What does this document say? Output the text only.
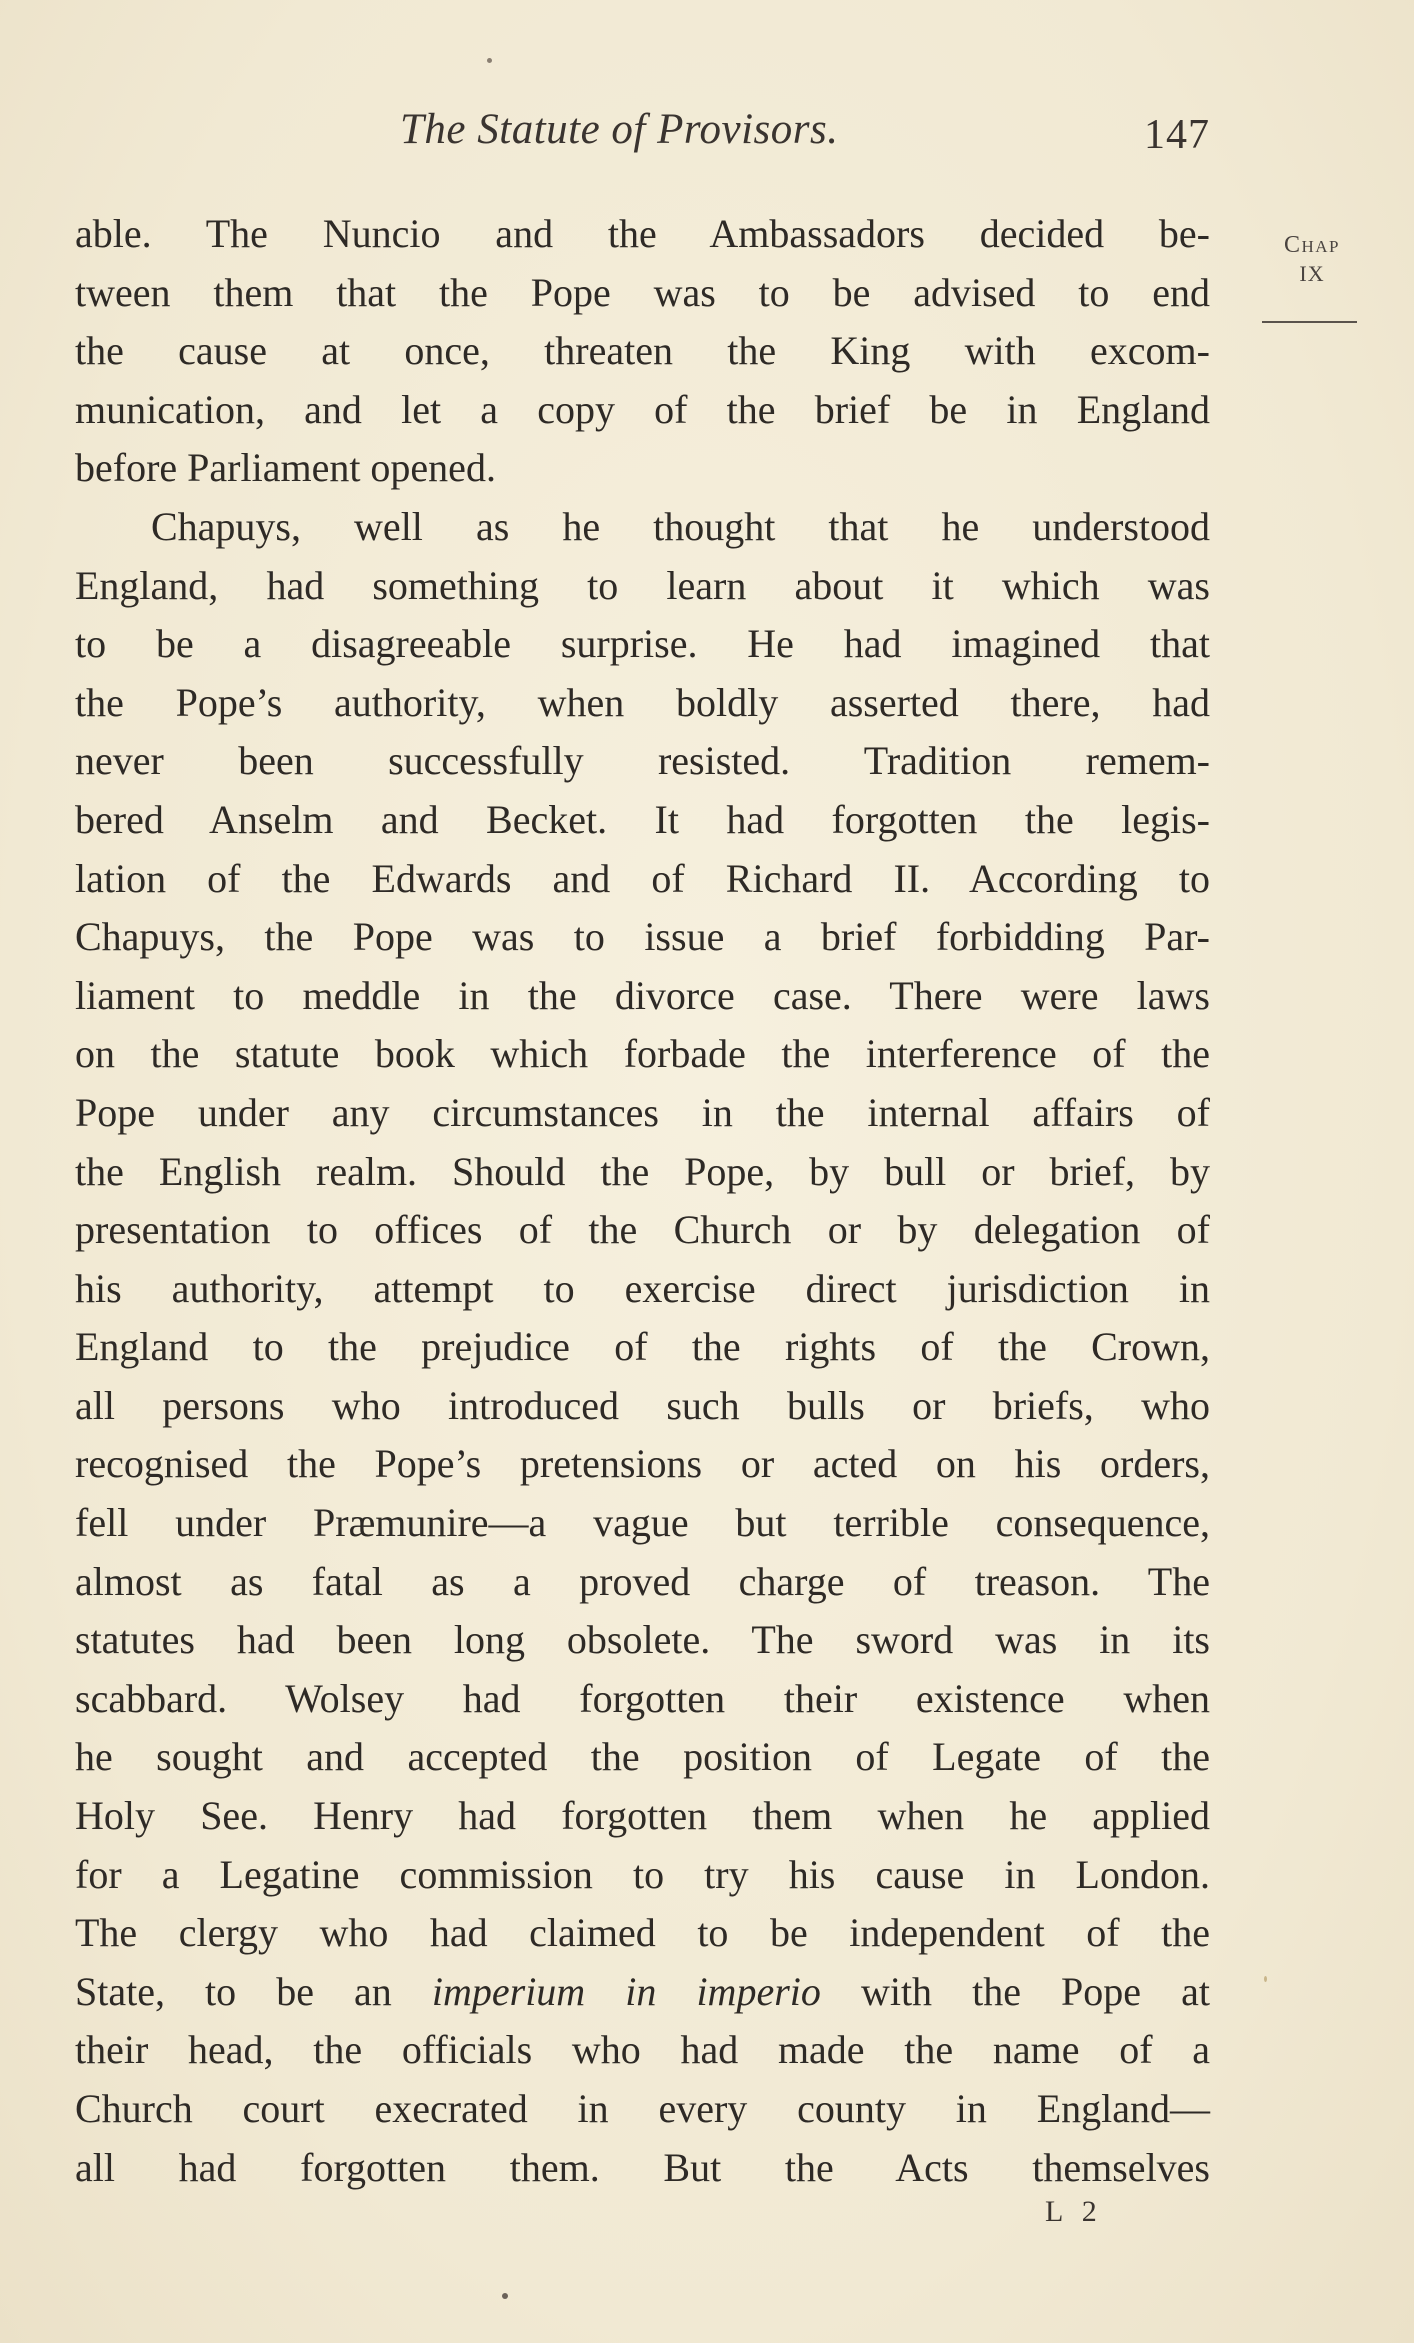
The Statute of Provisors.	147
Chap
IX
able. The Nuncio and the Ambassadors decided be-
tween them that the Pope was to be advised to end
the cause at once, threaten the King with excom-
munication, and let a copy of the brief be in England
before Parliament opened.
Chapuys, well as he thought that he understood
England, had something to learn about it which was
to be a disagreeable surprise. He had imagined that
the Pope’s authority, when boldly asserted there, had
never been successfully resisted. Tradition remem-
bered Anselm and Becket. It had forgotten the legis-
lation of the Edwards and of Richard II. According to
Chapuys, the Pope was to issue a brief forbidding Par-
liament to meddle in the divorce case. There were laws
on the statute book which forbade the interference of the
Pope under any circumstances in the internal affairs of
the English realm. Should the Pope, by bull or brief, by
presentation to offices of the Church or by delegation of
his authority, attempt to exercise direct jurisdiction in
England to the prejudice of the rights of the Crown,
all persons who introduced such bulls or briefs, who
recognised the Pope’s pretensions or acted on his orders,
fell under Præmunire—a vague but terrible consequence,
almost as fatal as a proved charge of treason. The
statutes had been long obsolete. The sword was in its
scabbard. Wolsey had forgotten their existence when
he sought and accepted the position of Legate of the
Holy See. Henry had forgotten them when he applied
for a Legatine commission to try his cause in London.
The clergy who had claimed to be independent of the
State, to be an imperium in imperio with the Pope at
their head, the officials who had made the name of a
Church court execrated in every county in England—
all had forgotten them. But the Acts themselves
L 2
